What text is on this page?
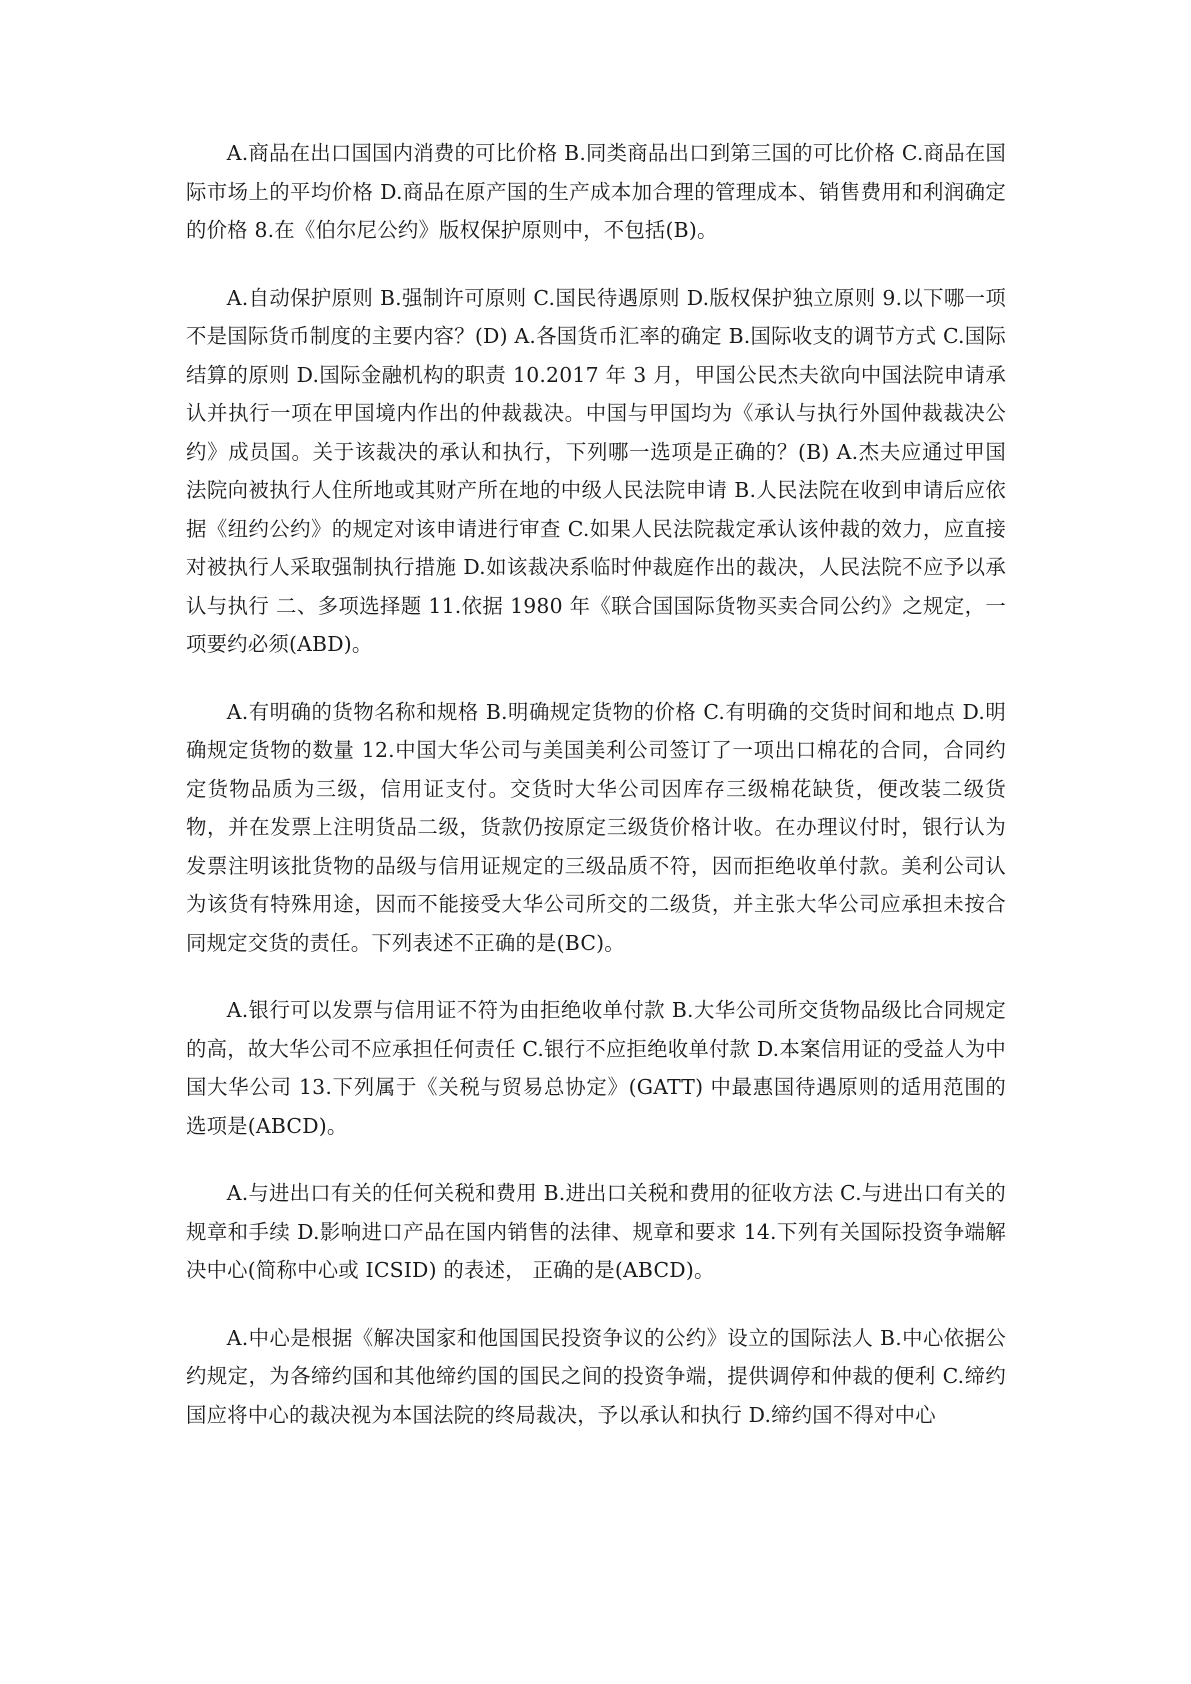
A.商品在出口国国内消费的可比价格 B.同类商品出口到第三国的可比价格 C.商品在国际市场上的平均价格 D.商品在原产国的生产成本加合理的管理成本、销售费用和利润确定的价格 8.在《伯尔尼公约》版权保护原则中，不包括(B)。

A.自动保护原则 B.强制许可原则 C.国民待遇原则 D.版权保护独立原则 9.以下哪一项不是国际货币制度的主要内容？(D) A.各国货币汇率的确定 B.国际收支的调节方式 C.国际结算的原则 D.国际金融机构的职责 10.2017 年 3 月，甲国公民杰夫欲向中国法院申请承认并执行一项在甲国境内作出的仲裁裁决。中国与甲国均为《承认与执行外国仲裁裁决公约》成员国。关于该裁决的承认和执行，下列哪一选项是正确的？(B) A.杰夫应通过甲国法院向被执行人住所地或其财产所在地的中级人民法院申请 B.人民法院在收到申请后应依据《纽约公约》的规定对该申请进行审查 C.如果人民法院裁定承认该仲裁的效力，应直接对被执行人采取强制执行措施 D.如该裁决系临时仲裁庭作出的裁决，人民法院不应予以承认与执行 二、多项选择题 11.依据 1980 年《联合国国际货物买卖合同公约》之规定，一项要约必须(ABD)。

A.有明确的货物名称和规格 B.明确规定货物的价格 C.有明确的交货时间和地点 D.明确规定货物的数量 12.中国大华公司与美国美利公司签订了一项出口棉花的合同，合同约定货物品质为三级，信用证支付。交货时大华公司因库存三级棉花缺货，便改装二级货物，并在发票上注明货品二级，货款仍按原定三级货价格计收。在办理议付时，银行认为发票注明该批货物的品级与信用证规定的三级品质不符，因而拒绝收单付款。美利公司认为该货有特殊用途，因而不能接受大华公司所交的二级货，并主张大华公司应承担未按合同规定交货的责任。下列表述不正确的是(BC)。

A.银行可以发票与信用证不符为由拒绝收单付款 B.大华公司所交货物品级比合同规定的高，故大华公司不应承担任何责任 C.银行不应拒绝收单付款 D.本案信用证的受益人为中国大华公司 13.下列属于《关税与贸易总协定》(GATT) 中最惠国待遇原则的适用范围的选项是(ABCD)。

A.与进出口有关的任何关税和费用 B.进出口关税和费用的征收方法 C.与进出口有关的规章和手续 D.影响进口产品在国内销售的法律、规章和要求 14.下列有关国际投资争端解决中心(简称中心或 ICSID) 的表述， 正确的是(ABCD)。

A.中心是根据《解决国家和他国国民投资争议的公约》设立的国际法人 B.中心依据公约规定，为各缔约国和其他缔约国的国民之间的投资争端，提供调停和仲裁的便利 C.缔约国应将中心的裁决视为本国法院的终局裁决，予以承认和执行 D.缔约国不得对中心
